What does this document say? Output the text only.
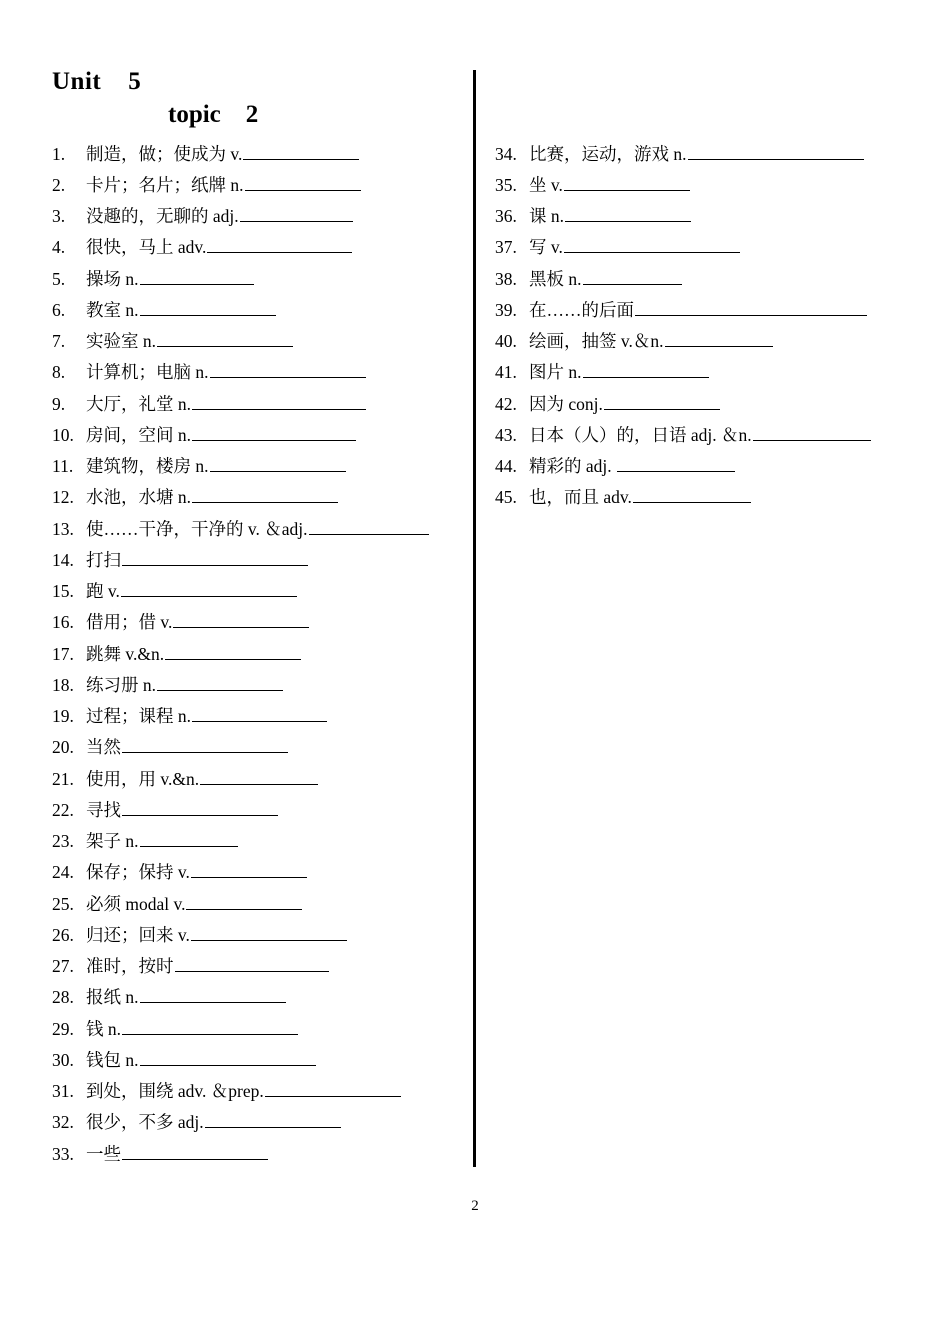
Unit    5
topic    2
1. 制造，做；使成为 v.
2. 卡片；名片；纸牌 n.
3. 没趣的，无聊的 adj.
4. 很快，马上 adv.
5. 操场 n.
6. 教室 n.
7. 实验室 n.
8. 计算机；电脑 n.
9. 大厅，礼堂 n.
10. 房间，空间 n.
11. 建筑物，楼房 n.
12. 水池，水塘 n.
13. 使……干净，干净的 v. ＆adj.
14. 打扫
15. 跑 v.
16. 借用；借 v.
17. 跳舞 v.&n.
18. 练习册 n.
19. 过程；课程 n.
20. 当然
21. 使用，用 v.&n.
22. 寻找
23. 架子 n.
24. 保存；保持 v.
25. 必须 modal v.
26. 归还；回来 v.
27. 准时，按时
28. 报纸 n.
29. 钱 n.
30. 钱包 n.
31. 到处，围绕 adv. ＆prep.
32. 很少，不多 adj.
33. 一些
34. 比赛，运动，游戏 n.
35. 坐 v.
36. 课 n.
37. 写 v.
38. 黑板 n.
39. 在……的后面
40. 绘画，抽签 v.＆n.
41. 图片 n.
42. 因为 conj.
43. 日本（人）的，日语 adj. ＆n.
44. 精彩的 adj.
45. 也，而且 adv.
2
